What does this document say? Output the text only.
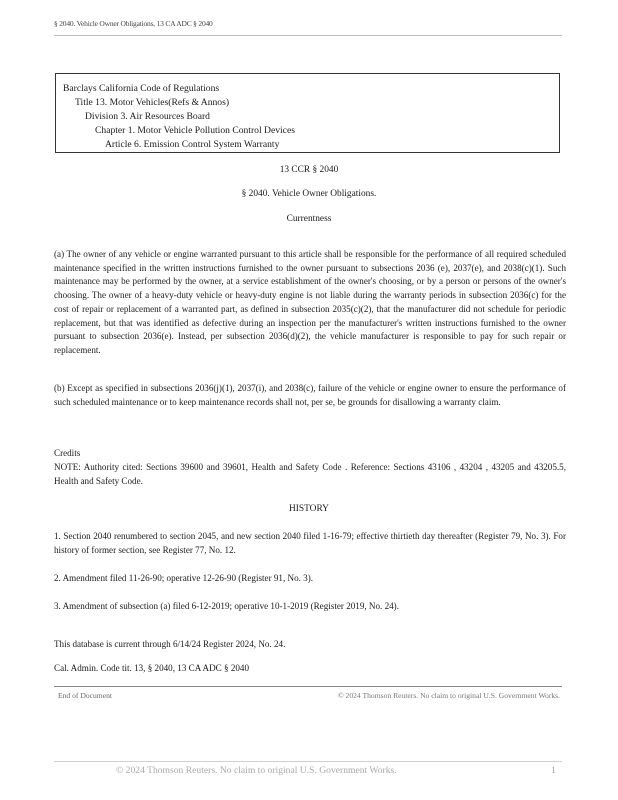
§ 2040. Vehicle Owner Obligations, 13 CA ADC § 2040
Barclays California Code of Regulations
Title 13. Motor Vehicles(Refs & Annos)
Division 3. Air Resources Board
Chapter 1. Motor Vehicle Pollution Control Devices
Article 6. Emission Control System Warranty
13 CCR § 2040
§ 2040. Vehicle Owner Obligations.
Currentness
(a) The owner of any vehicle or engine warranted pursuant to this article shall be responsible for the performance of all required scheduled maintenance specified in the written instructions furnished to the owner pursuant to subsections 2036 (e), 2037(e), and 2038(c)(1). Such maintenance may be performed by the owner, at a service establishment of the owner's choosing, or by a person or persons of the owner's choosing. The owner of a heavy-duty vehicle or heavy-duty engine is not liable during the warranty periods in subsection 2036(c) for the cost of repair or replacement of a warranted part, as defined in subsection 2035(c)(2), that the manufacturer did not schedule for periodic replacement, but that was identified as defective during an inspection per the manufacturer's written instructions furnished to the owner pursuant to subsection 2036(e). Instead, per subsection 2036(d)(2), the vehicle manufacturer is responsible to pay for such repair or replacement.
(b) Except as specified in subsections 2036(j)(1), 2037(i), and 2038(c), failure of the vehicle or engine owner to ensure the performance of such scheduled maintenance or to keep maintenance records shall not, per se, be grounds for disallowing a warranty claim.
Credits
NOTE: Authority cited: Sections 39600 and 39601, Health and Safety Code . Reference: Sections 43106 , 43204 , 43205 and 43205.5, Health and Safety Code.
HISTORY
1. Section 2040 renumbered to section 2045, and new section 2040 filed 1-16-79; effective thirtieth day thereafter (Register 79, No. 3). For history of former section, see Register 77, No. 12.
2. Amendment filed 11-26-90; operative 12-26-90 (Register 91, No. 3).
3. Amendment of subsection (a) filed 6-12-2019; operative 10-1-2019 (Register 2019, No. 24).
This database is current through 6/14/24 Register 2024, No. 24.
Cal. Admin. Code tit. 13, § 2040, 13 CA ADC § 2040
End of Document	© 2024 Thomson Reuters. No claim to original U.S. Government Works.
© 2024 Thomson Reuters. No claim to original U.S. Government Works.	1
